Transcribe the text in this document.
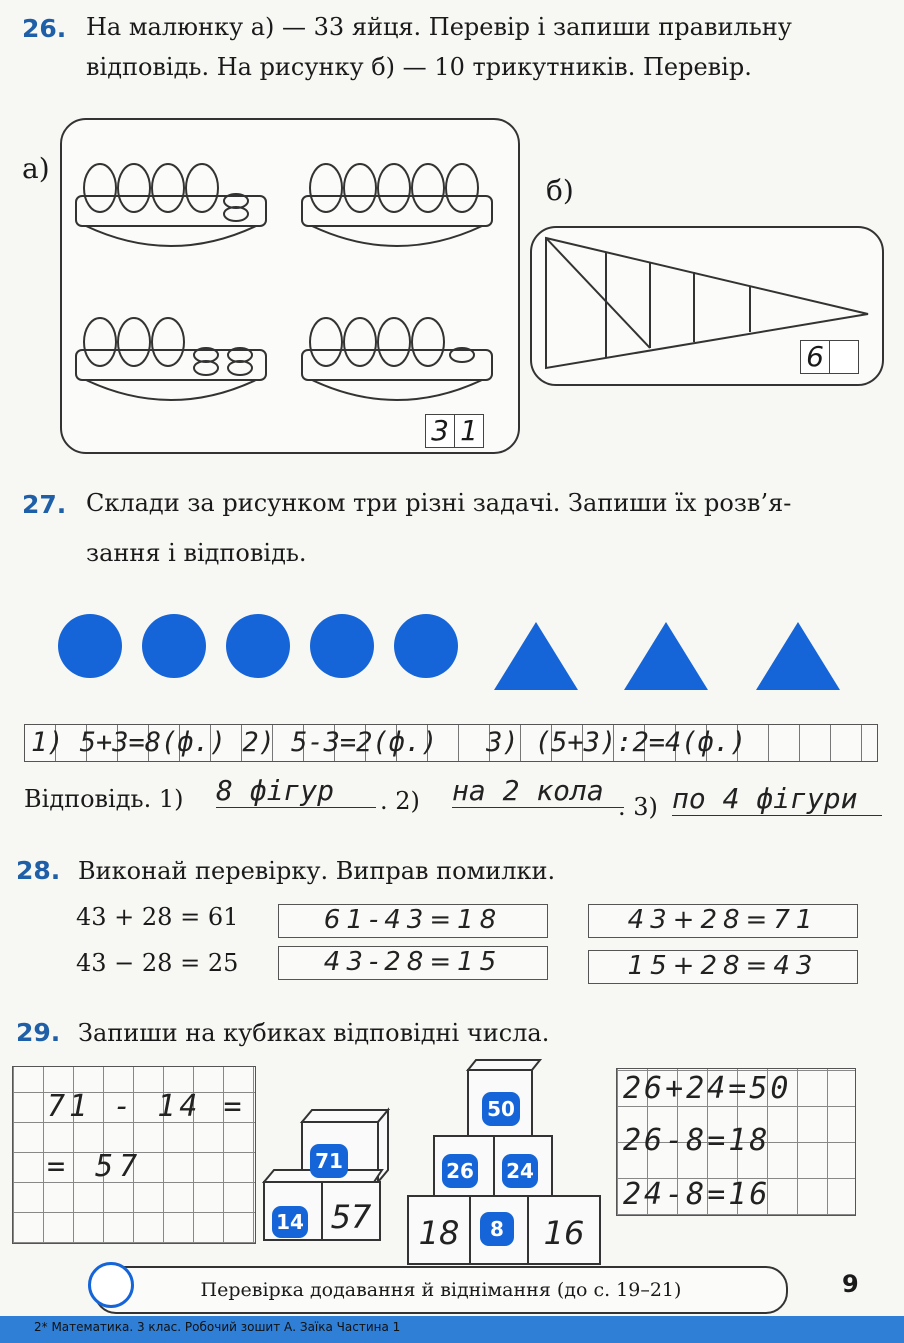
26. На малюнку а) — 33 яйця. Перевір і запиши правильну
відповідь. На рисунку б) — 10 трикутників. Перевір.
а)
3 1
б)
6
27. Склади за рисунком три різні задачі. Запиши їх розв’я-
зання і відповідь.
1) 5+3=8(ф.) 2) 5-3=2(ф.)   3) (5+3):2=4(ф.)
Відповідь. 1) 8 фігур	. 2) на 2 кола . 3) по 4 фігури
28. Виконай перевірку. Виправ помилки.
43 + 28 = 61	61-43=18	43+28=71
43 − 28 = 25	43-28=15	15+28=43
29. Запиши на кубиках відповідні числа.
71 - 14 =
= 57	71
14 57
50
26 24
18 8 16
26+24=50
26-8=18
24-8=16
Перевірка додавання й віднімання (до с. 19–21)	9
2* Математика. 3 клас. Робочий зошит А. Заїка Частина 1
